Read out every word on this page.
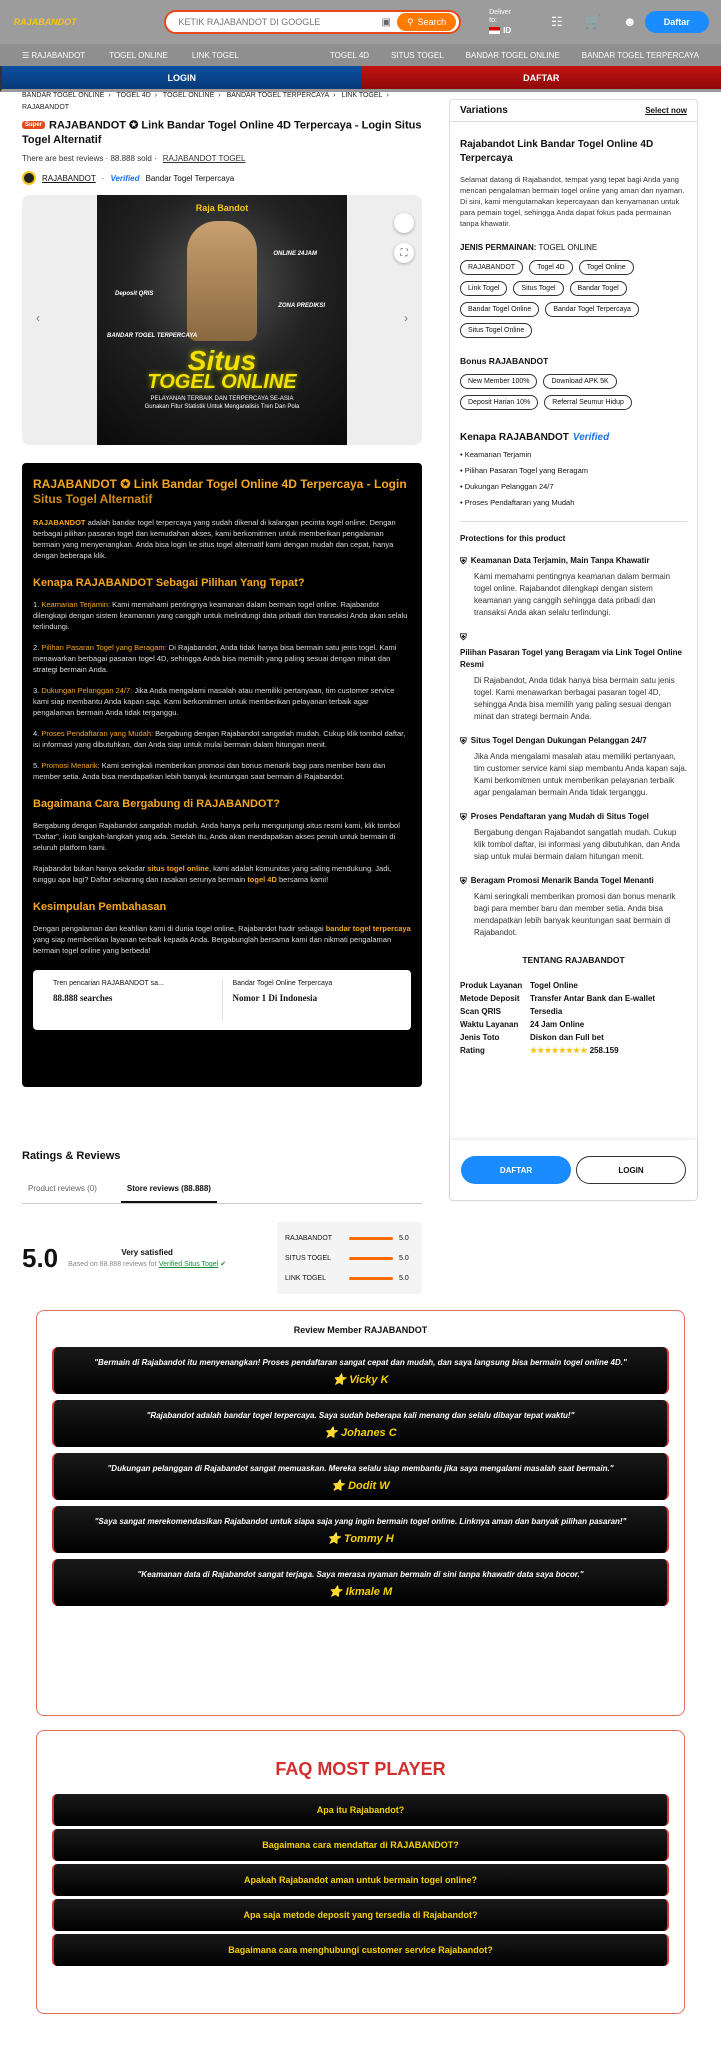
RAJABANDOT
KETIK RAJABANDOT DI GOOGLE	▣ ⚲ Search
Deliver to:
ID
☷ 🛒 ☻	Daftar
☰ RAJABANDOT	TOGEL ONLINE	LINK TOGEL	TOGEL 4D	SITUS TOGEL	BANDAR TOGEL ONLINE	BANDAR TOGEL TERPERCAYA
LOGIN	DAFTAR
BANDAR TOGEL ONLINE › TOGEL 4D › TOGEL ONLINE › BANDAR TOGEL TERPERCAYA › LINK TOGEL ›
RAJABANDOT
Super RAJABANDOT ✪ Link Bandar Togel Online 4D Terpercaya - Login Situs Togel Alternatif
There are best reviews · 88.888 sold · RAJABANDOT TOGEL
RAJABANDOT · Verified Bandar Togel Terpercaya
Raja Bandot
Situs
TOGEL ONLINE
PELAYANAN TERBAIK DAN TERPERCAYA SE-ASIA
Gunakan Fitur Statistik Untuk Menganalisis Tren Dan Pola
ONLINE 24JAM
Deposit QRIS
ZONA PREDIKSI
BANDAR TOGEL TERPERCAYA
‹	›
⛶
RAJABANDOT ✪ Link Bandar Togel Online 4D Terpercaya - Login Situs Togel Alternatif

RAJABANDOT adalah bandar togel terpercaya yang sudah dikenal di kalangan pecinta togel online. Dengan berbagai pilihan pasaran togel dan kemudahan akses, kami berkomitmen untuk memberikan pengalaman bermain yang menyenangkan. Anda bisa login ke situs togel alternatif kami dengan mudah dan cepat, hanya dengan beberapa klik.

Kenapa RAJABANDOT Sebagai Pilihan Yang Tepat?

1. Keamanan Terjamin: Kami memahami pentingnya keamanan dalam bermain togel online. Rajabandot dilengkapi dengan sistem keamanan yang canggih untuk melindungi data pribadi dan transaksi Anda akan selalu terlindungi.

2. Pilihan Pasaran Togel yang Beragam: Di Rajabandot, Anda tidak hanya bisa bermain satu jenis togel. Kami menawarkan berbagai pasaran togel 4D, sehingga Anda bisa memilih yang paling sesuai dengan minat dan strategi bermain Anda.

3. Dukungan Pelanggan 24/7: Jika Anda mengalami masalah atau memiliki pertanyaan, tim customer service kami siap membantu Anda kapan saja. Kami berkomitmen untuk memberikan pelayanan terbaik agar pengalaman bermain Anda tidak terganggu.

4. Proses Pendaftaran yang Mudah: Bergabung dengan Rajabandot sangatlah mudah. Cukup klik tombol daftar, isi informasi yang dibutuhkan, dan Anda siap untuk mulai bermain dalam hitungan menit.

5. Promosi Menarik: Kami seringkali memberikan promosi dan bonus menarik bagi para member baru dan member setia. Anda bisa mendapatkan lebih banyak keuntungan saat bermain di Rajabandot.

Bagaimana Cara Bergabung di RAJABANDOT?

Bergabung dengan Rajabandot sangatlah mudah. Anda hanya perlu mengunjungi situs resmi kami, klik tombol "Daftar", ikuti langkah-langkah yang ada. Setelah itu, Anda akan mendapatkan akses penuh untuk bermain di seluruh platform kami.

Rajabandot bukan hanya sekadar situs togel online, kami adalah komunitas yang saling mendukung. Jadi, tunggu apa lagi? Daftar sekarang dan rasakan serunya bermain togel 4D bersama kami!

Kesimpulan Pembahasan

Dengan pengalaman dan keahlian kami di dunia togel online, Rajabandot hadir sebagai bandar togel terpercaya yang siap memberikan layanan terbaik kepada Anda. Bergabunglah bersama kami dan nikmati pengalaman bermain togel online yang berbeda!

Tren pencarian RAJABANDOT sa...
88.888 searches
Bandar Togel Online Terpercaya
Nomor 1 Di Indonesia
Ratings & Reviews
Product reviews (0)	Store reviews (88.888)
5.0	Very satisfied
Based on 88.888 reviews for Verified Situs Togel ✔
RAJABANDOT	5.0
SITUS TOGEL	5.0
LINK TOGEL	5.0
Review Member RAJABANDOT

"Bermain di Rajabandot itu menyenangkan! Proses pendaftaran sangat cepat dan mudah, dan saya langsung bisa bermain togel online 4D."

⭐ Vicky K

"Rajabandot adalah bandar togel terpercaya. Saya sudah beberapa kali menang dan selalu dibayar tepat waktu!"

⭐ Johanes C

"Dukungan pelanggan di Rajabandot sangat memuaskan. Mereka selalu siap membantu jika saya mengalami masalah saat bermain."

⭐ Dodit W

"Saya sangat merekomendasikan Rajabandot untuk siapa saja yang ingin bermain togel online. Linknya aman dan banyak pilihan pasaran!"

⭐ Tommy H

"Keamanan data di Rajabandot sangat terjaga. Saya merasa nyaman bermain di sini tanpa khawatir data saya bocor."

⭐ Ikmale M
FAQ MOST PLAYER
Apa itu Rajabandot?
Bagaimana cara mendaftar di RAJABANDOT?
Apakah Rajabandot aman untuk bermain togel online?
Apa saja metode deposit yang tersedia di Rajabandot?
Bagaimana cara menghubungi customer service Rajabandot?
Variations	Select now
Rajabandot Link Bandar Togel Online 4D Terpercaya
Selamat datang di Rajabandot, tempat yang tepat bagi Anda yang mencari pengalaman bermain togel online yang aman dan nyaman. Di sini, kami mengutamakan kepercayaan dan kenyamanan untuk para pemain togel, sehingga Anda dapat fokus pada permainan tanpa khawatir.
JENIS PERMAINAN: TOGEL ONLINE
RAJABANDOT	Togel 4D	Togel Online
Link Togel	Situs Togel	Bandar Togel
Bandar Togel Online	Bandar Togel Terpercaya
Situs Togel Online
Bonus RAJABANDOT
New Member 100%	Download APK 5K
Deposit Harian 10%	Referral Seumur Hidup
Kenapa RAJABANDOT Verified
• Keamanan Terjamin
• Pilihan Pasaran Togel yang Beragam
• Dukungan Pelanggan 24/7
• Proses Pendaftaran yang Mudah
Protections for this product
⛨ Keamanan Data Terjamin, Main Tanpa Khawatir
Kami memahami pentingnya keamanan dalam bermain togel online. Rajabandot dilengkapi dengan sistem keamanan yang canggih sehingga data pribadi dan transaksi Anda akan selalu terlindungi.
⛨
Pilihan Pasaran Togel yang Beragam via Link Togel Online Resmi
Di Rajabandot, Anda tidak hanya bisa bermain satu jenis togel. Kami menawarkan berbagai pasaran togel 4D, sehingga Anda bisa memilih yang paling sesuai dengan minat dan strategi bermain Anda.
⛨ Situs Togel Dengan Dukungan Pelanggan 24/7
Jika Anda mengalami masalah atau memiliki pertanyaan, tim customer service kami siap membantu Anda kapan saja. Kami berkomitmen untuk memberikan pelayanan terbaik agar pengalaman bermain Anda tidak terganggu.
⛨ Proses Pendaftaran yang Mudah di Situs Togel
Bergabung dengan Rajabandot sangatlah mudah. Cukup klik tombol daftar, isi informasi yang dibutuhkan, dan Anda siap untuk mulai bermain dalam hitungan menit.
⛨ Beragam Promosi Menarik Banda Togel Menanti
Kami seringkali memberikan promosi dan bonus menarik bagi para member baru dan member setia. Anda bisa mendapatkan lebih banyak keuntungan saat bermain di Rajabandot.
TENTANG RAJABANDOT
Produk Layanan Togel Online
Metode Deposit	Transfer Antar Bank dan E-wallet
Scan QRIS	Tersedia
Waktu Layanan	24 Jam Online
Jenis Toto	Diskon dan Full bet
Rating	★★★★★★★★ 258.159
DAFTAR	LOGIN
